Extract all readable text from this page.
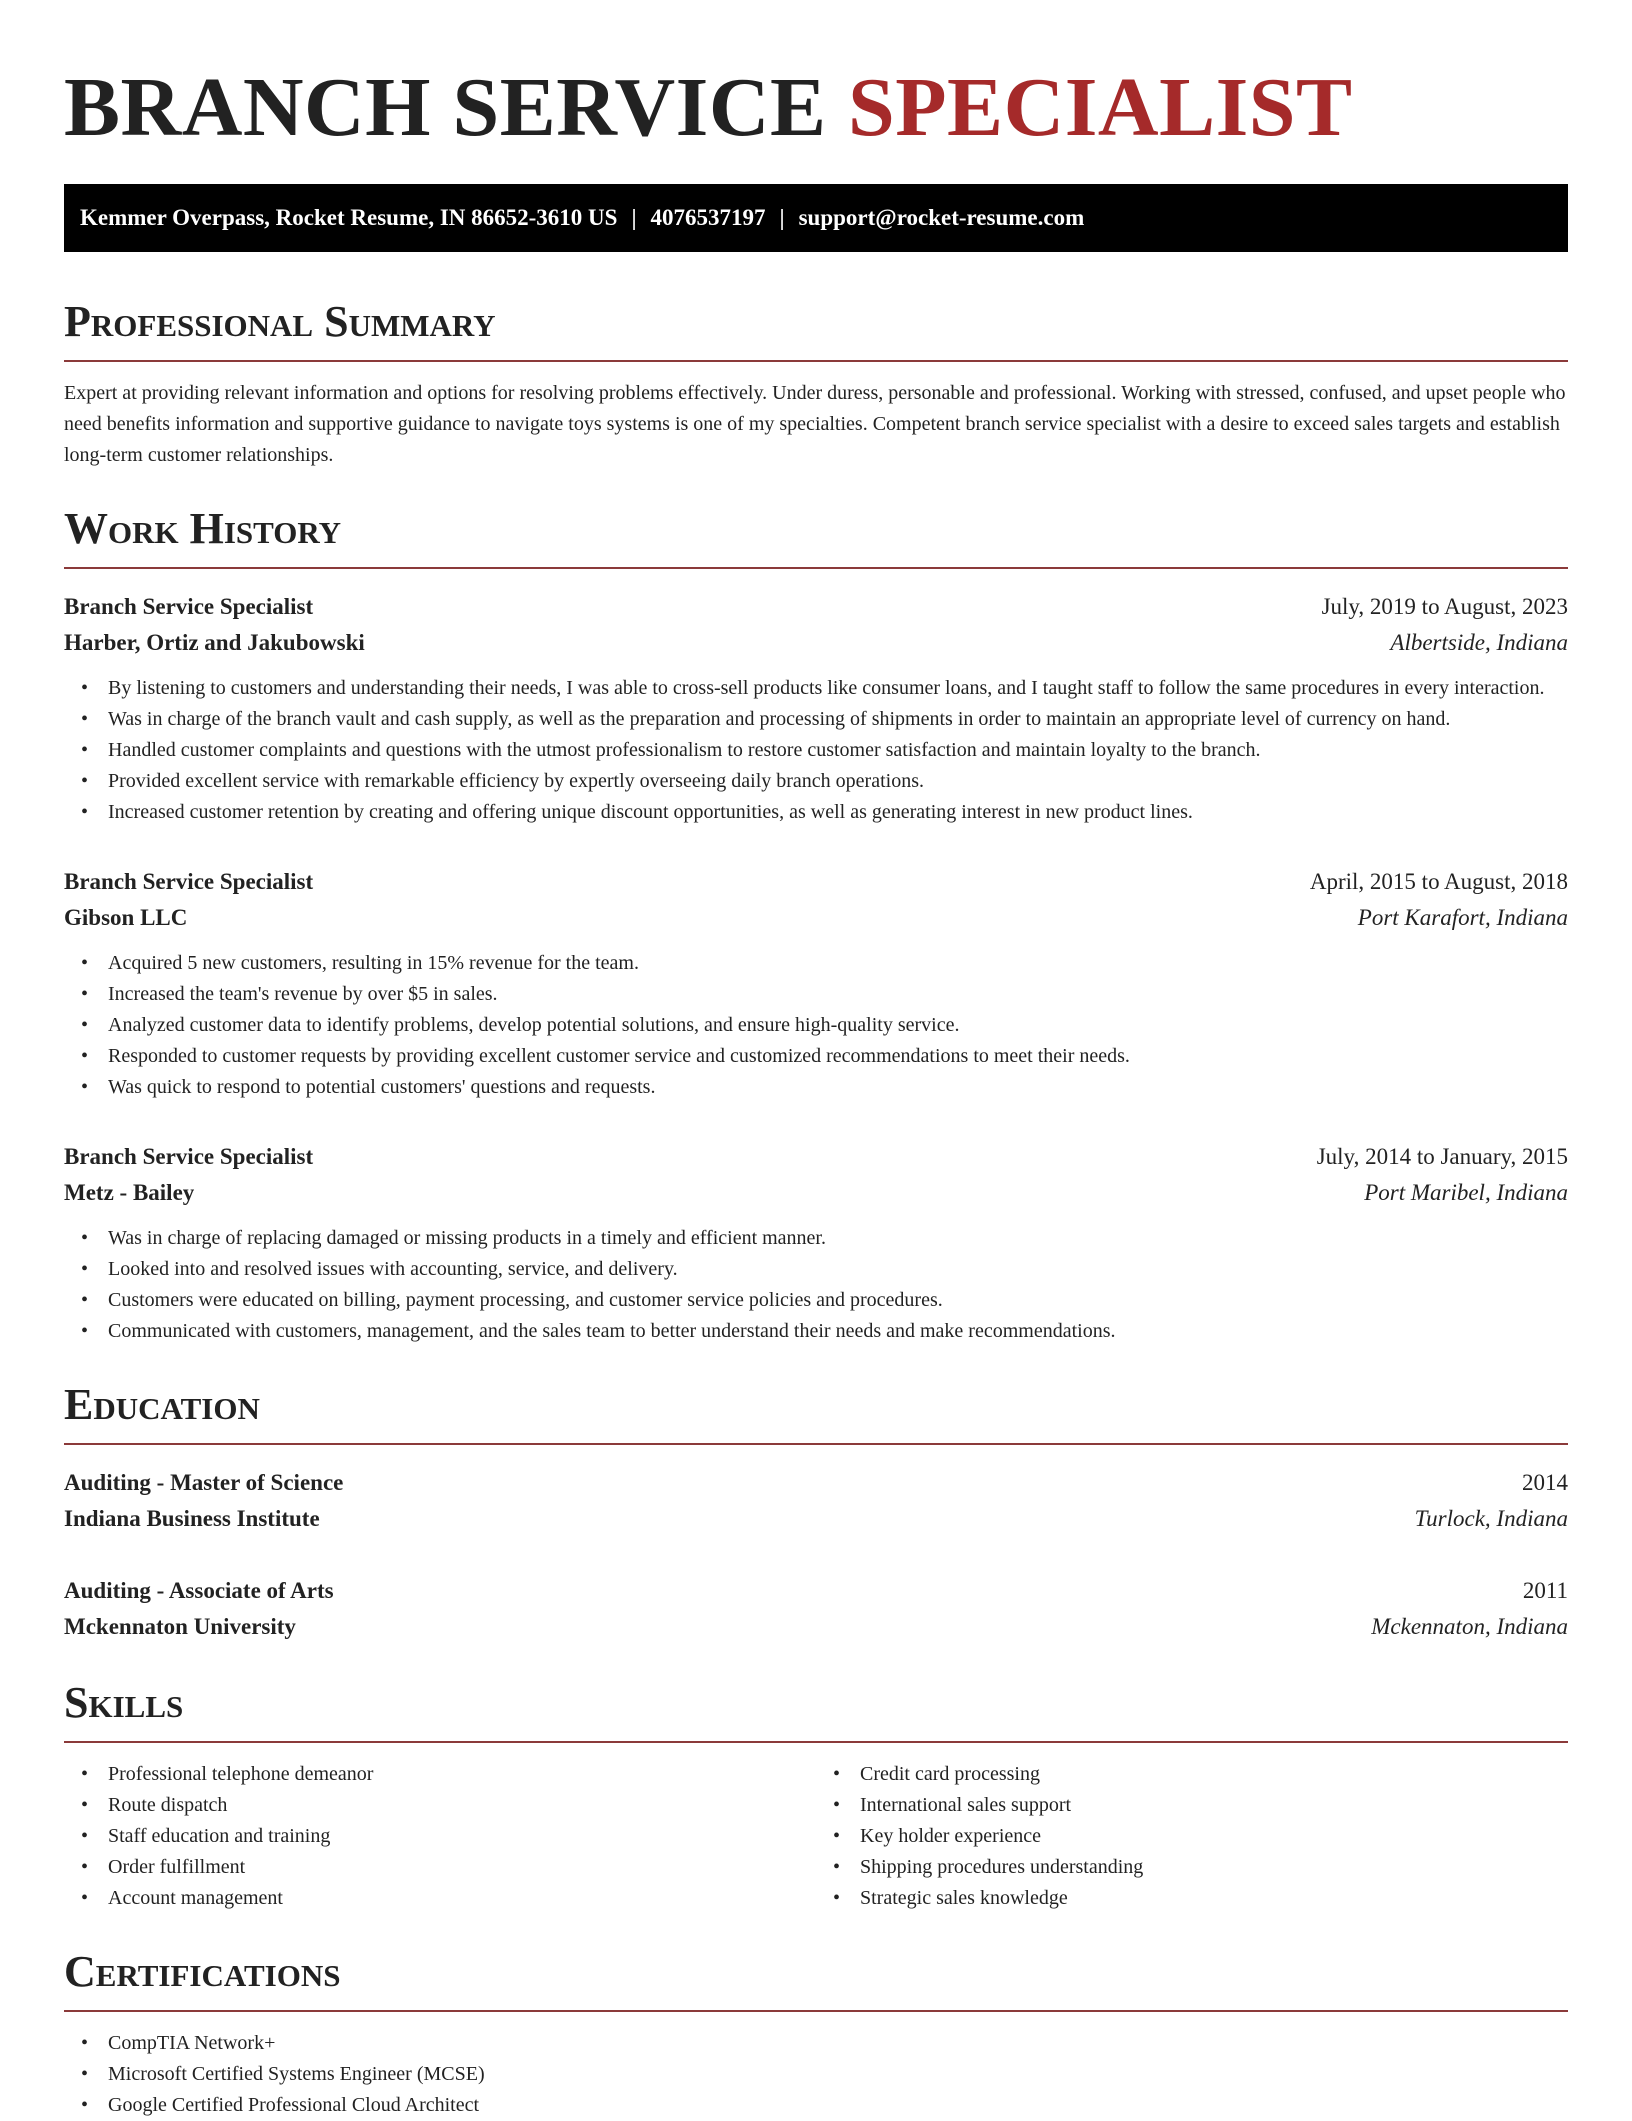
BRANCH SERVICE SPECIALIST
Kemmer Overpass, Rocket Resume, IN 86652-3610 US | 4076537197 | support@rocket-resume.com
Professional Summary

Expert at providing relevant information and options for resolving problems effectively. Under duress, personable and professional. Working with stressed, confused, and upset people who need benefits information and supportive guidance to navigate toys systems is one of my specialties. Competent branch service specialist with a desire to exceed sales targets and establish long-term customer relationships.

Work History
Branch Service Specialist	July, 2019 to August, 2023
Harber, Ortiz and Jakubowski	Albertside, Indiana
• By listening to customers and understanding their needs, I was able to cross-sell products like consumer loans, and I taught staff to follow the same procedures in every interaction.
• Was in charge of the branch vault and cash supply, as well as the preparation and processing of shipments in order to maintain an appropriate level of currency on hand.
• Handled customer complaints and questions with the utmost professionalism to restore customer satisfaction and maintain loyalty to the branch.
• Provided excellent service with remarkable efficiency by expertly overseeing daily branch operations.
• Increased customer retention by creating and offering unique discount opportunities, as well as generating interest in new product lines.
Branch Service Specialist	April, 2015 to August, 2018
Gibson LLC	Port Karafort, Indiana
• Acquired 5 new customers, resulting in 15% revenue for the team.
• Increased the team's revenue by over $5 in sales.
• Analyzed customer data to identify problems, develop potential solutions, and ensure high-quality service.
• Responded to customer requests by providing excellent customer service and customized recommendations to meet their needs.
• Was quick to respond to potential customers' questions and requests.
Branch Service Specialist	July, 2014 to January, 2015
Metz - Bailey	Port Maribel, Indiana
• Was in charge of replacing damaged or missing products in a timely and efficient manner.
• Looked into and resolved issues with accounting, service, and delivery.
• Customers were educated on billing, payment processing, and customer service policies and procedures.
• Communicated with customers, management, and the sales team to better understand their needs and make recommendations.
Education
Auditing - Master of Science	2014
Indiana Business Institute	Turlock, Indiana
Auditing - Associate of Arts	2011
Mckennaton University	Mckennaton, Indiana
Skills
• Professional telephone demeanor
• Route dispatch
• Staff education and training
• Order fulfillment
• Account management
• Credit card processing
• International sales support
• Key holder experience
• Shipping procedures understanding
• Strategic sales knowledge
Certifications
• CompTIA Network+
• Microsoft Certified Systems Engineer (MCSE)
• Google Certified Professional Cloud Architect
